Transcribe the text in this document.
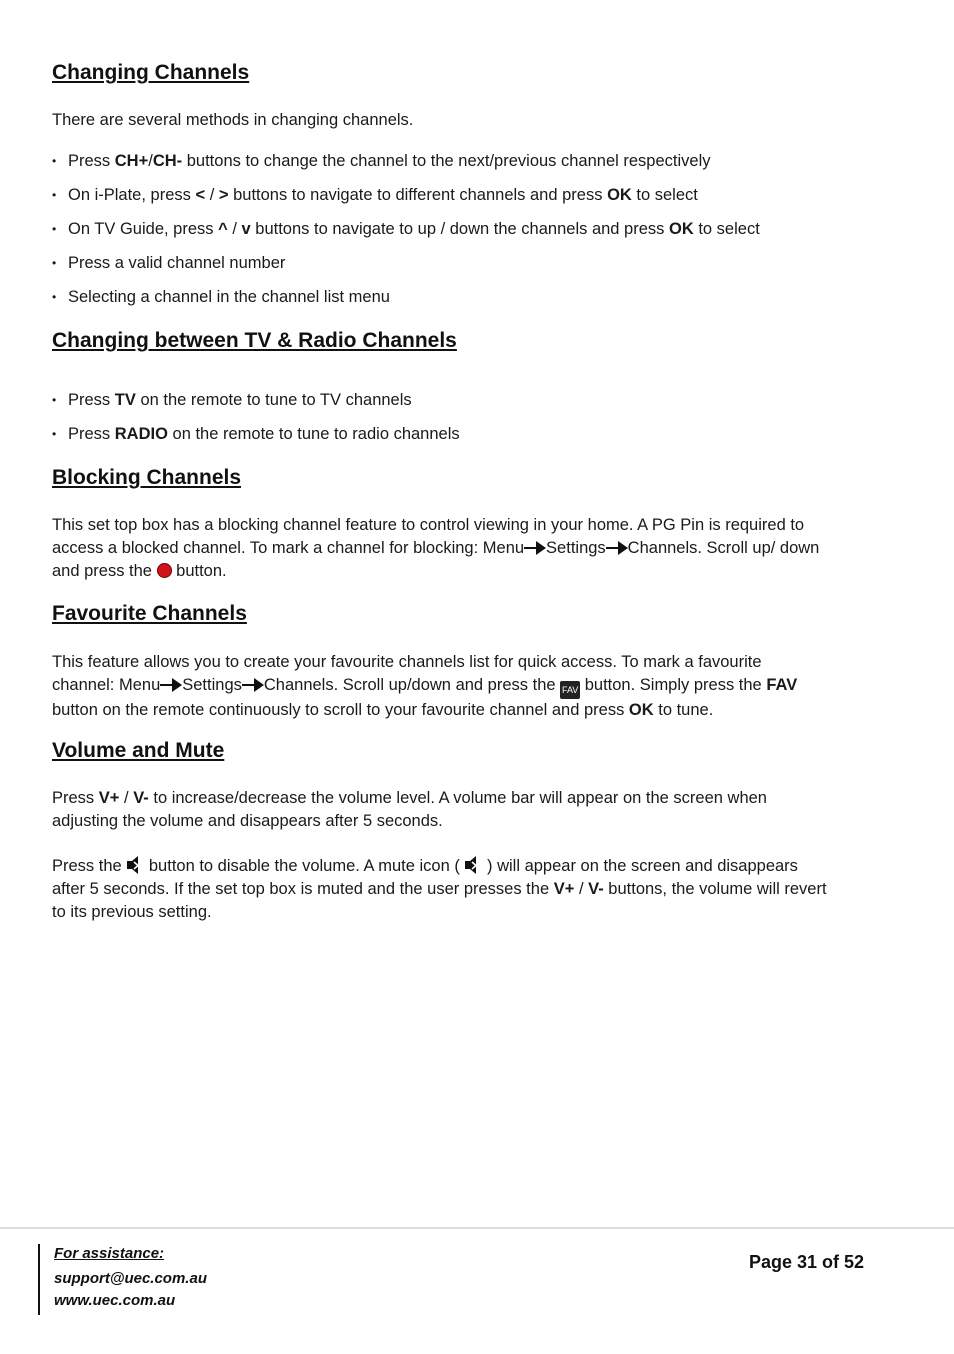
Changing Channels

There are several methods in changing channels.

• Press CH+/CH- buttons to change the channel to the next/previous channel respectively
• On i-Plate, press < / > buttons to navigate to different channels and press OK to select
• On TV Guide, press ^ / v buttons to navigate to up / down the channels and press OK to select
• Press a valid channel number
• Selecting a channel in the channel list menu
Changing between TV & Radio Channels
• Press TV on the remote to tune to TV channels
• Press RADIO on the remote to tune to radio channels
Blocking Channels

This set top box has a blocking channel feature to control viewing in your home. A PG Pin is required to access a blocked channel. To mark a channel for blocking: Menu Settings Channels. Scroll up/ down and press the  button.

Favourite Channels

This feature allows you to create your favourite channels list for quick access. To mark a favourite channel: Menu Settings Channels. Scroll up/down and press the FAV button. Simply press the FAV button on the remote continuously to scroll to your favourite channel and press OK to tune.

Volume and Mute

Press V+ / V- to increase/decrease the volume level. A volume bar will appear on the screen when adjusting the volume and disappears after 5 seconds.

Press the  button to disable the volume. A mute icon (  ) will appear on the screen and disappears after 5 seconds. If the set top box is muted and the user presses the V+ / V- buttons, the volume will revert to its previous setting.

For assistance:
support@uec.com.au
www.uec.com.au
Page 31 of 52
